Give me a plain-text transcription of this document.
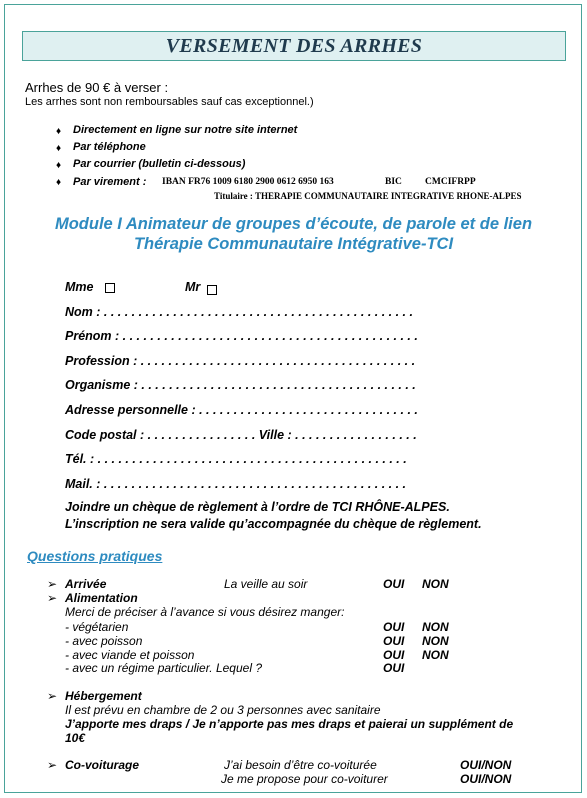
VERSEMENT DES ARRHES
Arrhes de 90 € à verser :
Les arrhes sont non remboursables sauf cas exceptionnel.)
♦ Directement en ligne sur notre site internet
♦ Par téléphone
♦ Par courrier (bulletin ci-dessous)
♦ Par virement : IBAN FR76 1009 6180 2900 0612 6950 163	BIC CMCIFRPP
Titulaire : THERAPIE COMMUNAUTAIRE INTEGRATIVE RHONE-ALPES
Module I Animateur de groupes d’écoute, de parole et de lien
Thérapie Communautaire Intégrative-TCI
Mme	Mr
Nom : . . . . . . . . . . . . . . . . . . . . . . . . . . . . . . . . . . . . . . . . . . . . .
Prénom : . . . . . . . . . . . . . . . . . . . . . . . . . . . . . . . . . . . . . . . . . . .
Profession : . . . . . . . . . . . . . . . . . . . . . . . . . . . . . . . . . . . . . . . .
Organisme : . . . . . . . . . . . . . . . . . . . . . . . . . . . . . . . . . . . . . . . .
Adresse personnelle : . . . . . . . . . . . . . . . . . . . . . . . . . . . . . . . .
Code postal : . . . . . . . . . . . . . . . . Ville : . . . . . . . . . . . . . . . . . .
Tél. : . . . . . . . . . . . . . . . . . . . . . . . . . . . . . . . . . . . . . . . . . . . . .
Mail. : . . . . . . . . . . . . . . . . . . . . . . . . . . . . . . . . . . . . . . . . . . . .
Joindre un chèque de règlement à l’ordre de TCI RHÔNE-ALPES.
L’inscription ne sera valide qu’accompagnée du chèque de règlement.
Questions pratiques
➢ Arrivée	La veille au soir	OUI NON
➢ Alimentation
Merci de préciser à l’avance si vous désirez manger:
- végétarien	OUI NON
- avec poisson	OUI NON
- avec viande et poisson	OUI NON
- avec un régime particulier. Lequel ?	OUI
➢ Hébergement
Il est prévu en chambre de 2 ou 3 personnes avec sanitaire
J’apporte mes draps / Je n’apporte pas mes draps et paierai un supplément de
10€
➢ Co-voiturage	J’ai besoin d’être co-voiturée	OUI/NON
Je me propose pour co-voiturer	OUI/NON
